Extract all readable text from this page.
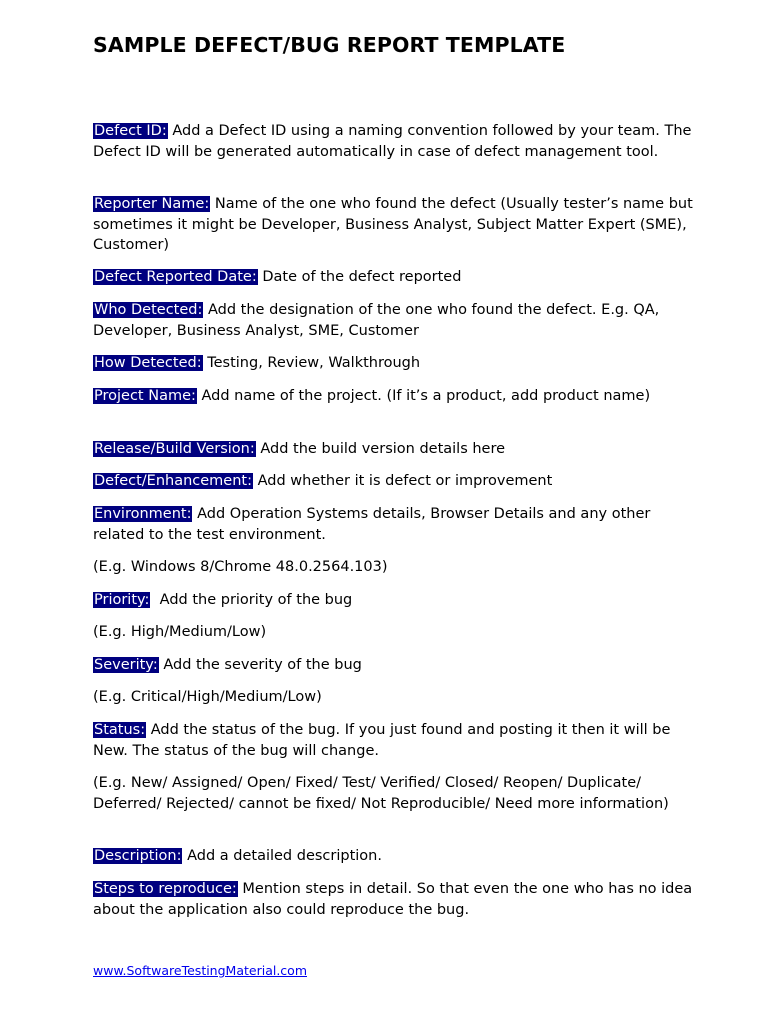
SAMPLE DEFECT/BUG REPORT TEMPLATE

Defect ID: Add a Defect ID using a naming convention followed by your team. The Defect ID will be generated automatically in case of defect management tool.

Reporter Name: Name of the one who found the defect (Usually tester’s name but sometimes it might be Developer, Business Analyst, Subject Matter Expert (SME), Customer)

Defect Reported Date: Date of the defect reported

Who Detected: Add the designation of the one who found the defect. E.g. QA, Developer, Business Analyst, SME, Customer

How Detected: Testing, Review, Walkthrough

Project Name: Add name of the project. (If it’s a product, add product name)

Release/Build Version: Add the build version details here

Defect/Enhancement: Add whether it is defect or improvement

Environment: Add Operation Systems details, Browser Details and any other related to the test environment.

(E.g. Windows 8/Chrome 48.0.2564.103)

Priority:  Add the priority of the bug

(E.g. High/Medium/Low)

Severity: Add the severity of the bug

(E.g. Critical/High/Medium/Low)

Status: Add the status of the bug. If you just found and posting it then it will be New. The status of the bug will change.

(E.g. New/ Assigned/ Open/ Fixed/ Test/ Verified/ Closed/ Reopen/ Duplicate/ Deferred/ Rejected/ cannot be fixed/ Not Reproducible/ Need more information)

Description: Add a detailed description.

Steps to reproduce: Mention steps in detail. So that even the one who has no idea about the application also could reproduce the bug.

www.SoftwareTestingMaterial.com
